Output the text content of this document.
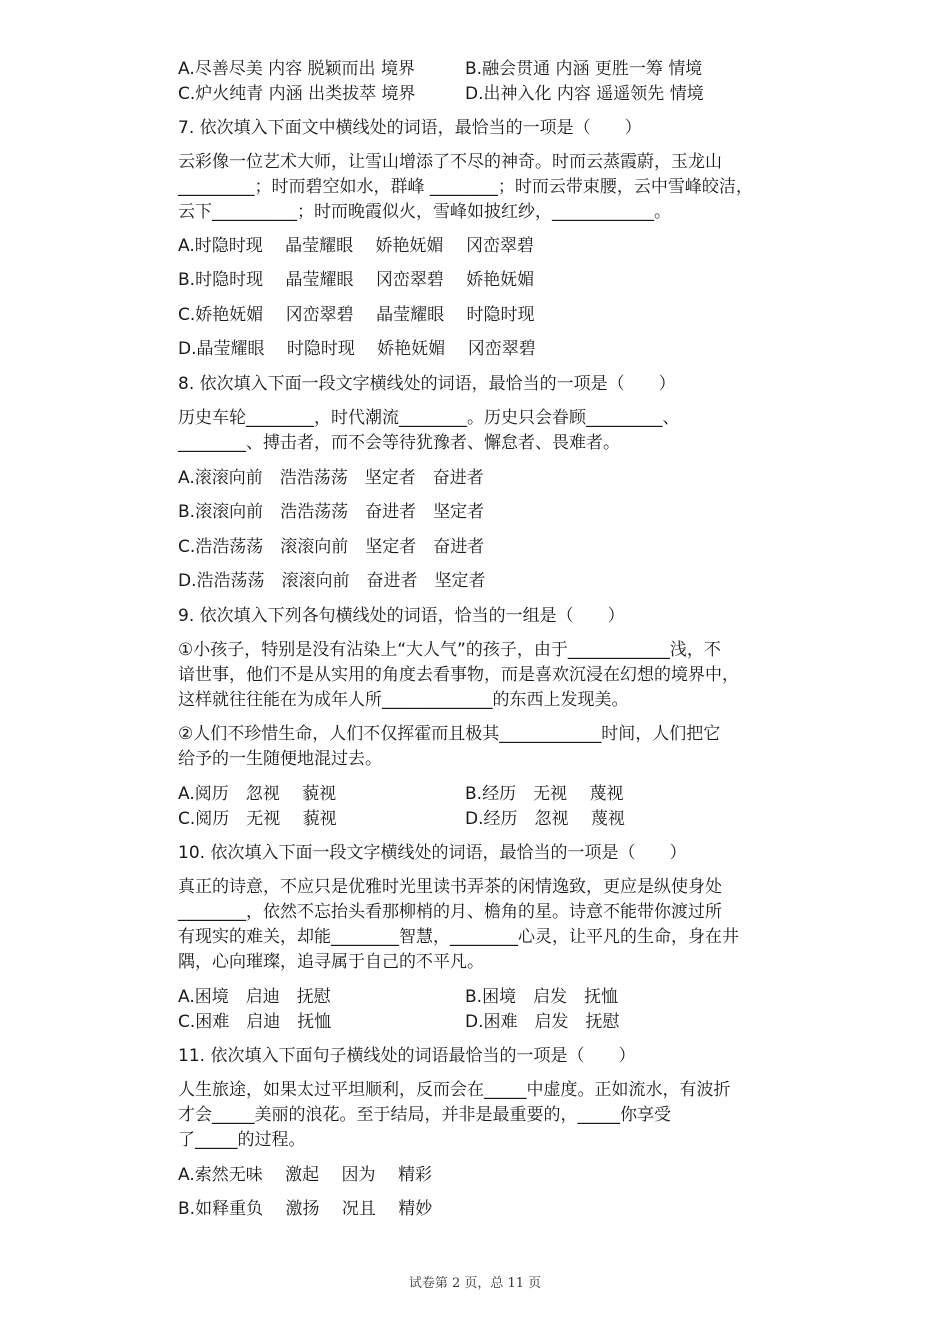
A.尽善尽美 内容 脱颖而出 境界	B.融会贯通 内涵 更胜一筹 情境
C.炉火纯青 内涵 出类拔萃 境界	D.出神入化 内容 遥遥领先 情境
7. 依次填入下面文中横线处的词语，最恰当的一项是（　　）
云彩像一位艺术大师，让雪山增添了不尽的神奇。时而云蒸霞蔚，玉龙山
_________；时而碧空如水，群峰 ________；时而云带束腰，云中雪峰皎洁，
云下__________；时而晚霞似火，雪峰如披红纱，____________。
A.时隐时现　 晶莹耀眼　 娇艳妩媚　 冈峦翠碧
B.时隐时现　 晶莹耀眼　 冈峦翠碧　 娇艳妩媚
C.娇艳妩媚　 冈峦翠碧　 晶莹耀眼　 时隐时现
D.晶莹耀眼　 时隐时现　 娇艳妩媚　 冈峦翠碧
8. 依次填入下面一段文字横线处的词语，最恰当的一项是（　　）
历史车轮________，时代潮流________。历史只会眷顾_________、
________、搏击者，而不会等待犹豫者、懈怠者、畏难者。
A.滚滚向前　浩浩荡荡　坚定者　奋进者
B.滚滚向前　浩浩荡荡　奋进者　坚定者
C.浩浩荡荡　滚滚向前　坚定者　奋进者
D.浩浩荡荡　滚滚向前　奋进者　坚定者
9. 依次填入下列各句横线处的词语，恰当的一组是（　　）
①小孩子，特别是没有沾染上“大人气”的孩子，由于____________浅，不
谙世事，他们不是从实用的角度去看事物，而是喜欢沉浸在幻想的境界中，
这样就往往能在为成年人所_____________的东西上发现美。
②人们不珍惜生命，人们不仅挥霍而且极其____________时间，人们把它
给予的一生随便地混过去。
A.阅历　忽视　 藐视	B.经历　无视　 蔑视
C.阅历　无视　 藐视	D.经历　忽视　 蔑视
10. 依次填入下面一段文字横线处的词语，最恰当的一项是（　　）
真正的诗意，不应只是优雅时光里读书弄茶的闲情逸致，更应是纵使身处
________，依然不忘抬头看那柳梢的月、檐角的星。诗意不能带你渡过所
有现实的难关，却能________智慧，________心灵，让平凡的生命，身在井
隅，心向璀璨，追寻属于自己的不平凡。
A.困境　启迪　抚慰	B.困境　启发　抚恤
C.困难　启迪　抚恤	D.困难　启发　抚慰
11. 依次填入下面句子横线处的词语最恰当的一项是（　　）
人生旅途，如果太过平坦顺利，反而会在_____中虚度。正如流水，有波折
才会_____美丽的浪花。至于结局，并非是最重要的，_____你享受
了_____的过程。
A.索然无味　 激起　 因为　 精彩
B.如释重负　 激扬　 况且　 精妙
试卷第 2 页，总 11 页
